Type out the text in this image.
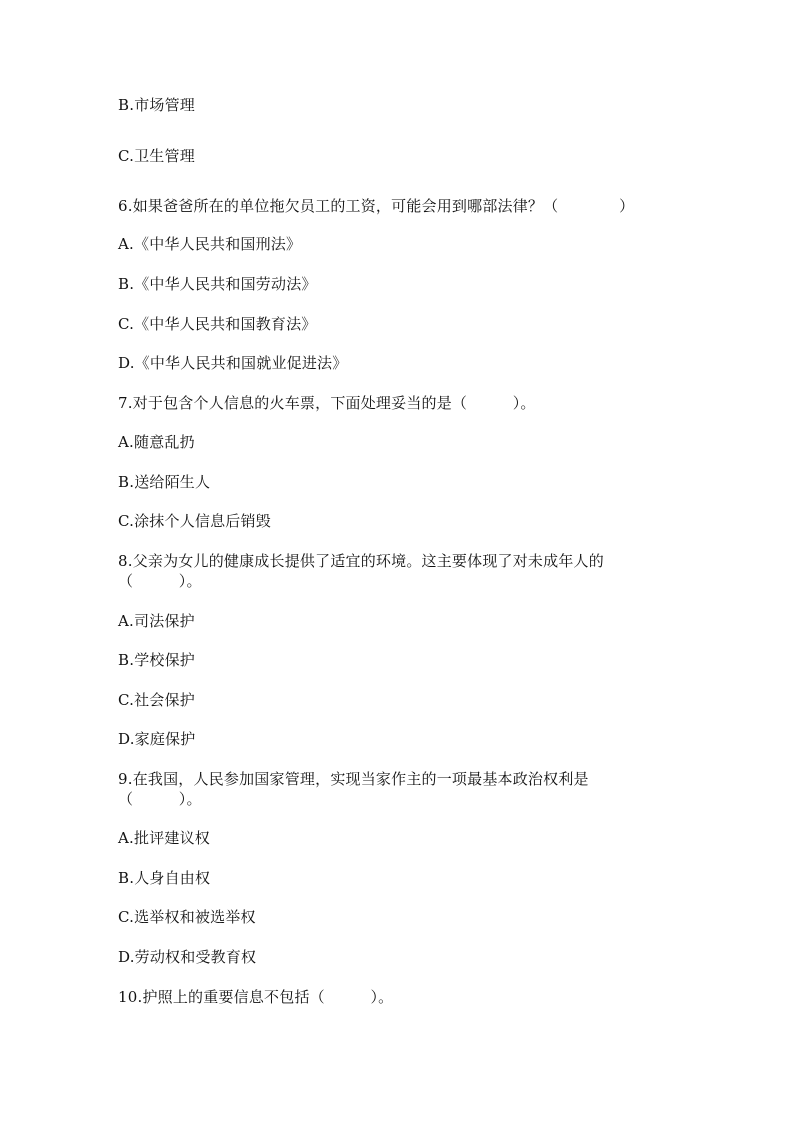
B.市场管理
C.卫生管理
6.如果爸爸所在的单位拖欠员工的工资，可能会用到哪部法律？（　　　　）
A.《中华人民共和国刑法》
B.《中华人民共和国劳动法》
C.《中华人民共和国教育法》
D.《中华人民共和国就业促进法》
7.对于包含个人信息的火车票，下面处理妥当的是（　　　）。
A.随意乱扔
B.送给陌生人
C.涂抹个人信息后销毁
8.父亲为女儿的健康成长提供了适宜的环境。这主要体现了对未成年人的
（　　　）。
A.司法保护
B.学校保护
C.社会保护
D.家庭保护
9.在我国，人民参加国家管理，实现当家作主的一项最基本政治权利是
（　　　）。
A.批评建议权
B.人身自由权
C.选举权和被选举权
D.劳动权和受教育权
10.护照上的重要信息不包括（　　　）。
